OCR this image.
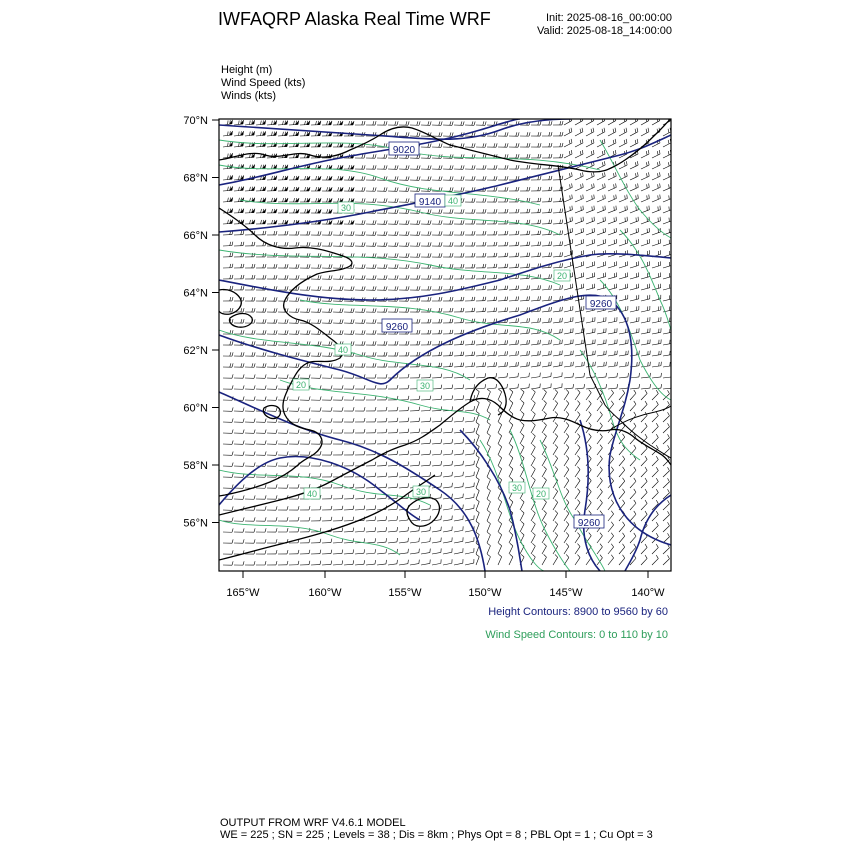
IWFAQRP Alaska Real Time WRF	Init: 2025-08-16_00:00:00
Valid: 2025-08-18_14:00:00
Height (m)
Wind Speed (kts)
Winds (kts)
70°N
68°N
66°N
64°N
62°N
60°N
58°N
56°N
165°W	160°W	155°W	150°W	145°W	140°W
9020
9140
9260
9260
9260
40
30
20
40
30
20
40
30
20
30
Height Contours: 8900 to 9560 by 60
Wind Speed Contours: 0 to 110 by 10
OUTPUT FROM WRF V4.6.1 MODEL
WE = 225 ; SN = 225 ; Levels = 38 ; Dis = 8km ; Phys Opt = 8 ; PBL Opt = 1 ; Cu Opt = 3
